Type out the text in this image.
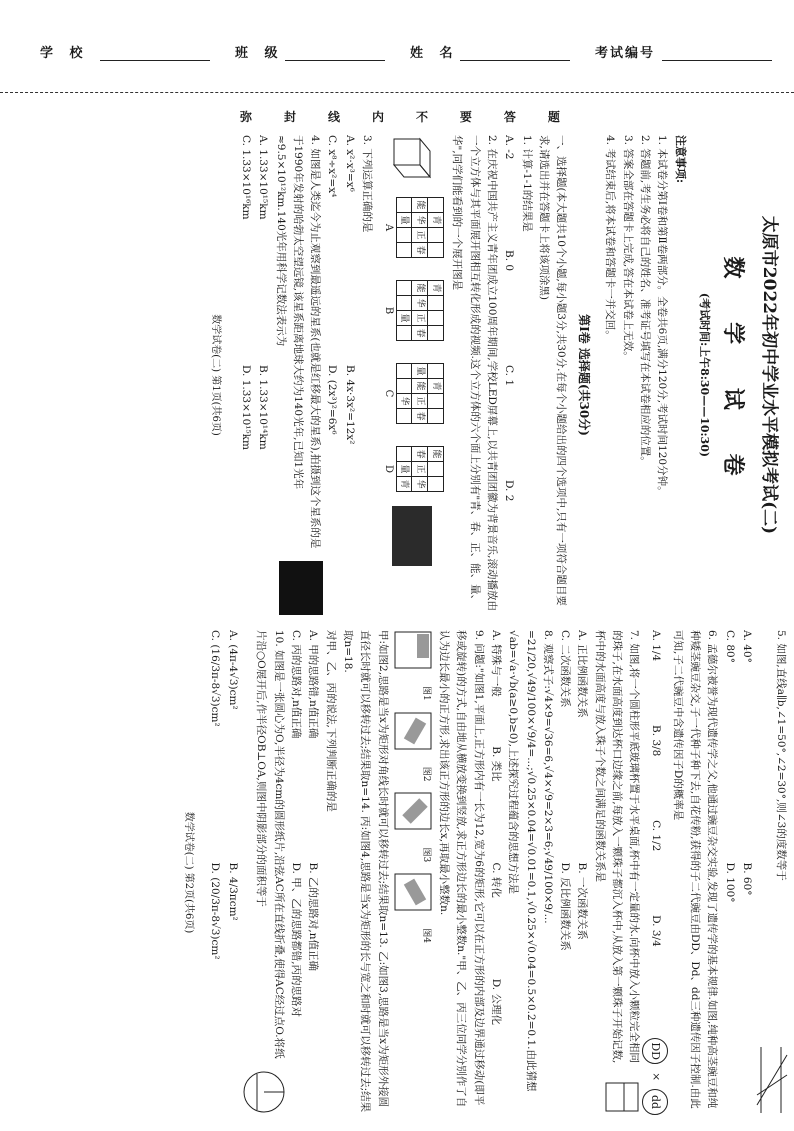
学 校	班 级	姓 名	考试编号
弥	封	线	内	不	要	答	题
太原市2022年初中学业水平模拟考试(二)
数 学 试 卷
(考试时间:上午8:30——10:30)
注意事项:

1. 本试卷分第Ⅰ卷和第Ⅱ卷两部分。全卷共6页,满分120分,考试时间120分钟。

2. 答题前,考生务必将自己的姓名、准考证号填写在本试卷相应的位置。

3. 答案全部在答题卡上完成,答在本试卷上无效。

4. 考试结束后,将本试卷和答题卡一并交回。

第Ⅰ卷 选择题(共30分)

一、选择题(本大题共10个小题,每小题3分,共30分.在每个小题给出的四个选项中,只有一项符合题目要求,请选出并在答题卡上将该项涂黑)

1. 计算-1-1的结果是

A. -2
B. 0
C. 1
D. 2

2. 在庆祝中国共产主义青年团成立100周年期间,学校LED屏幕上,以共青团团徽为背景音乐,滚动播放由一个立方体与其平面展开图相互转化形成的视频.这个立方体的六个面上分别有"青、春、正、能、量、华",同学们能看到的一个展开图是

	青		
能	华	正	春
	量		
A
青			
能	华	正	春
		量	
B
	青		
量	能	正	春
		华	
C
能		
春	正	华
	量	青
D

3. 下列运算正确的是

A. x²·x³=x⁶
B. 4x·3x²=12x²
C. x⁸÷x²=x⁴
D. (2x³)²=6x⁶

4. 如图是人类迄今为止观察到最遥远的星系(也就是红移最大的星系),拍摄到这个星系的是于1990年发射的哈勃太空望远镜,该星系距离地球大约为140光年,已知1光年≈9.5×10¹²km.140光年用科学记数法表示为

A. 1.33×10¹⁵km
B. 1.33×10¹⁴km
C. 1.33×10¹⁶km
D. 1.33×10¹⁵km
数学试卷(二) 第1页(共6页)

5. 如图,直线a∥b,∠1=50°,∠2=30°,则∠3的度数等于

A. 40°
B. 60°
C. 80°
D. 100°

6. 孟德尔被誉为现代遗传学之父,他通过豌豆杂交实验,发现了遗传学的基本规律.如图,纯种高茎豌豆和纯种矮茎豌豆杂交,子一代种子种下去,自花传粉,获得的子二代豌豆由DD、Dd、dd三种遗传因子控制.由此可知,子二代豌豆中含遗传因子D的概率是

A. 1/4
B. 3/8
C. 1/2
D. 3/4
DD
×
dd

7. 如图,将一个圆柱形平底玻璃杯置于水平桌面,杯中有一定量的水.向杯中放入小颗粒完全相同的珠子,在水面高度到达杯口边缘之前,每放入一颗珠子都沉入杯中,从放入第一颗珠子开始记数,杯中的水面高度与放入珠子个数之间满足的函数关系是

A. 正比例函数关系
B. 一次函数关系
C. 二次函数关系
D. 反比例函数关系

8. 观察式子:√4×9=√36=6,√4×√9=2×3=6;√49/100×9/... =21/20,√49/100×√9/4=...;√0.25×0.04=√0.01=0.1,√0.25×√0.04=0.5×0.2=0.1.由此猜想√ab=√a·√b(a≥0,b≥0),上述探究过程蕴含的思想方法是

A. 特殊与一般
B. 类比
C. 转化
D. 公理化

9. 问题:"如图1,平面上,正方形内有一长为12,宽为6的矩形,它可以在正方形的内部及边界通过移动(即平移或旋转)的方式,自由地从横放变换到竖放,求正方形边长的最小整数n."甲、乙、丙三位同学分别作了自认为边长最小的正方形,求出该正方形的边长x,再取最小整数n.

图1
图2
图3
图4

甲:如图2,思路是当x为矩形对角线长时就可以移转过去;结果取n=13. 乙:如图3,思路是当x为矩形外接圆直径长时就可以移转过去;结果取n=14. 丙:如图4,思路是当x为矩形的长与宽之和时就可以移转过去;结果取n=18.

对甲、乙、丙的说法,下列判断正确的是

A. 甲的思路错,n值正确
B. 乙的思路对,n值正确
C. 丙的思路对,n值正确
D. 甲、乙的思路都错,丙的思路对

10. 如图是一张圆心为O,半径为4cm的圆形纸片,沿弦AC所在直线折叠,使得AC经过点O.将纸片沿○O展开后,作半径OB⊥OA,则图中阴影部分的面积等于

A. (4π-4√3)cm²
B. 4/3πcm²
C. (16/3π-8√3)cm²
D. (20/3π-8√3)cm²
数学试卷(二) 第2页(共6页)
